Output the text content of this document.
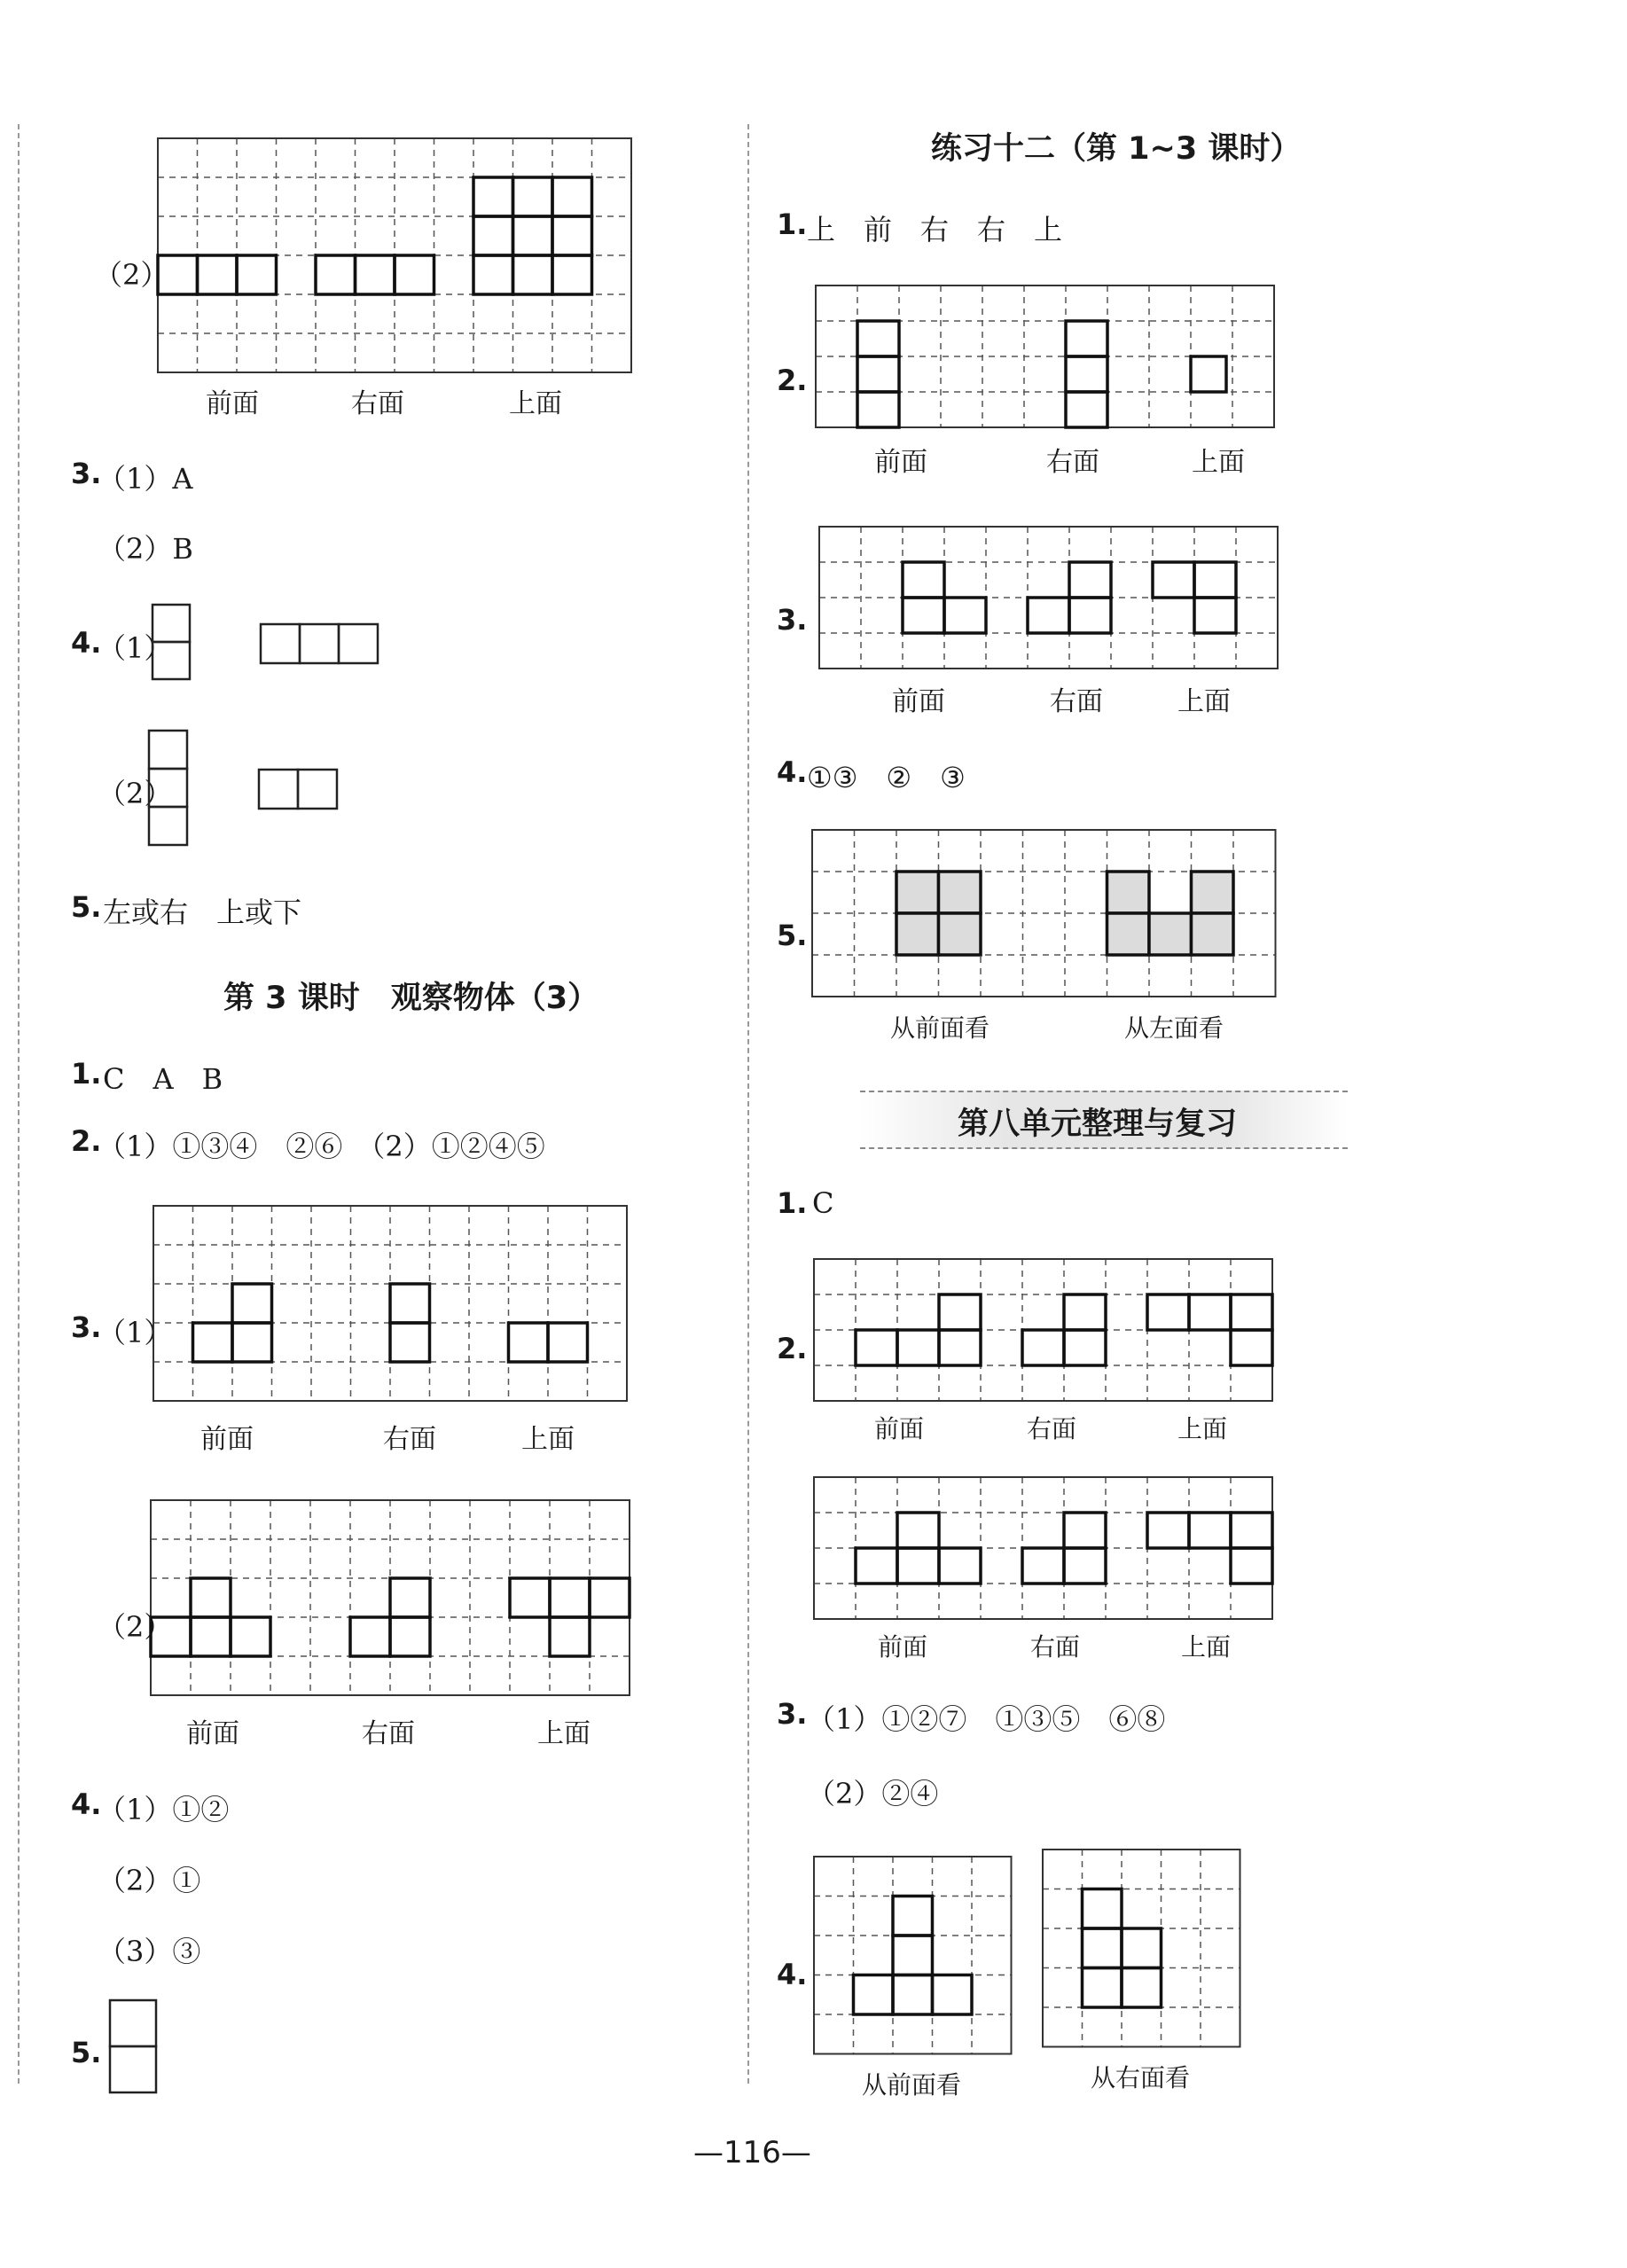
（2）
前面	右面	上面
3.
（1）A
（2）B
4.
（1）
（2）
5. 左或右　上或下
第 3 课时　观察物体（3）
1. C　A　B
2.
（1）①③④　②⑥　（2）①②④⑤
3.
（1）
前面	右面	上面
（2）
前面	右面	上面
4.
（1）①②
（2）①
（3）③
5.
练习十二（第 1~3 课时）
1. 上　前　右　右　上
2.
前面	右面	上面
3.
前面	右面	上面
4. ①③　②　③
5.
从前面看	从左面看
第八单元整理与复习
1. C
2.
前面	右面	上面
前面	右面	上面
3. （1）①②⑦　①③⑤　⑥⑧
（2）②④
4.
从前面看	从右面看
—116—
